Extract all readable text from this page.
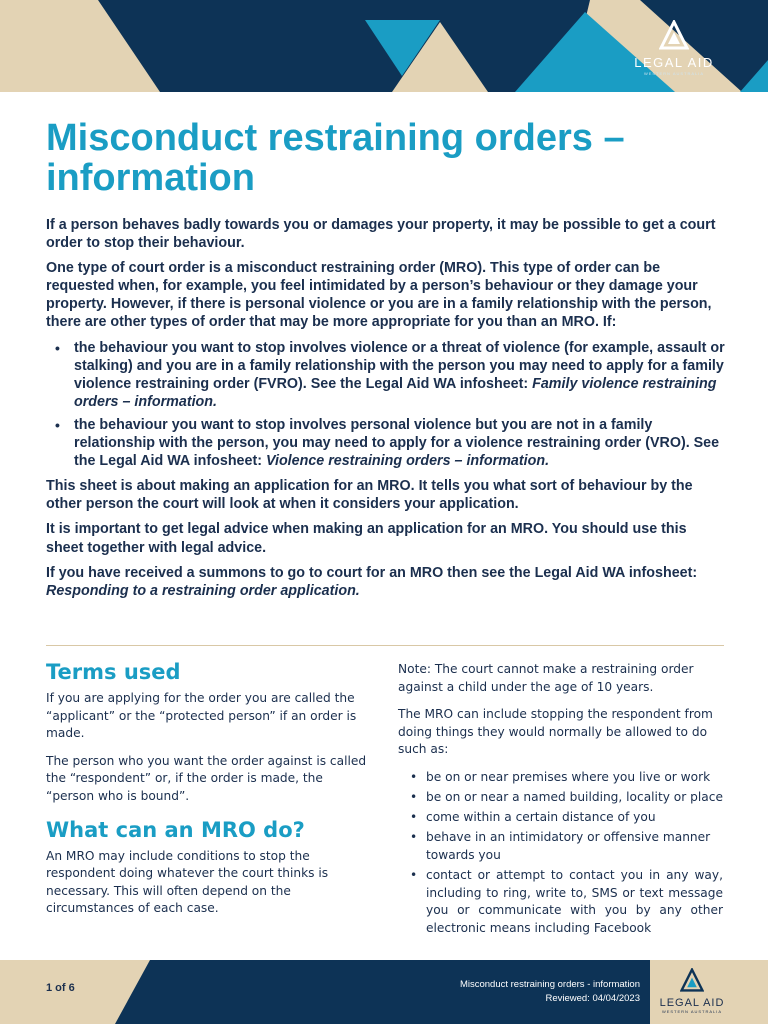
LEGAL AID
WESTERN AUSTRALIA
Misconduct restraining orders – information

If a person behaves badly towards you or damages your property, it may be possible to get a court order to stop their behaviour.

One type of court order is a misconduct restraining order (MRO). This type of order can be requested when, for example, you feel intimidated by a person’s behaviour or they damage your property. However, if there is personal violence or you are in a family relationship with the person, there are other types of order that may be more appropriate for you than an MRO. If:

• the behaviour you want to stop involves violence or a threat of violence (for example, assault or stalking) and you are in a family relationship with the person you may need to apply for a family violence restraining order (FVRO). See the Legal Aid WA infosheet: Family violence restraining orders – information.
• the behaviour you want to stop involves personal violence but you are not in a family relationship with the person, you may need to apply for a violence restraining order (VRO). See the Legal Aid WA infosheet: Violence restraining orders – information.

This sheet is about making an application for an MRO. It tells you what sort of behaviour by the other person the court will look at when it considers your application.

It is important to get legal advice when making an application for an MRO. You should use this sheet together with legal advice.

If you have received a summons to go to court for an MRO then see the Legal Aid WA infosheet: Responding to a restraining order application.

Terms used

If you are applying for the order you are called the “applicant” or the “protected person” if an order is made.

The person who you want the order against is called the “respondent” or, if the order is made, the “person who is bound”.

What can an MRO do?

An MRO may include conditions to stop the respondent doing whatever the court thinks is necessary. This will often depend on the circumstances of each case.

Note: The court cannot make a restraining order against a child under the age of 10 years.

The MRO can include stopping the respondent from doing things they would normally be allowed to do such as:

• be on or near premises where you live or work
• be on or near a named building, locality or place
• come within a certain distance of you
• behave in an intimidatory or offensive manner towards you
• contact or attempt to contact you in any way, including to ring, write to, SMS or text message you or communicate with you by any other electronic means including Facebook
1 of 6	Misconduct restraining orders - information
Reviewed: 04/04/2023	LEGAL AID
WESTERN AUSTRALIA
